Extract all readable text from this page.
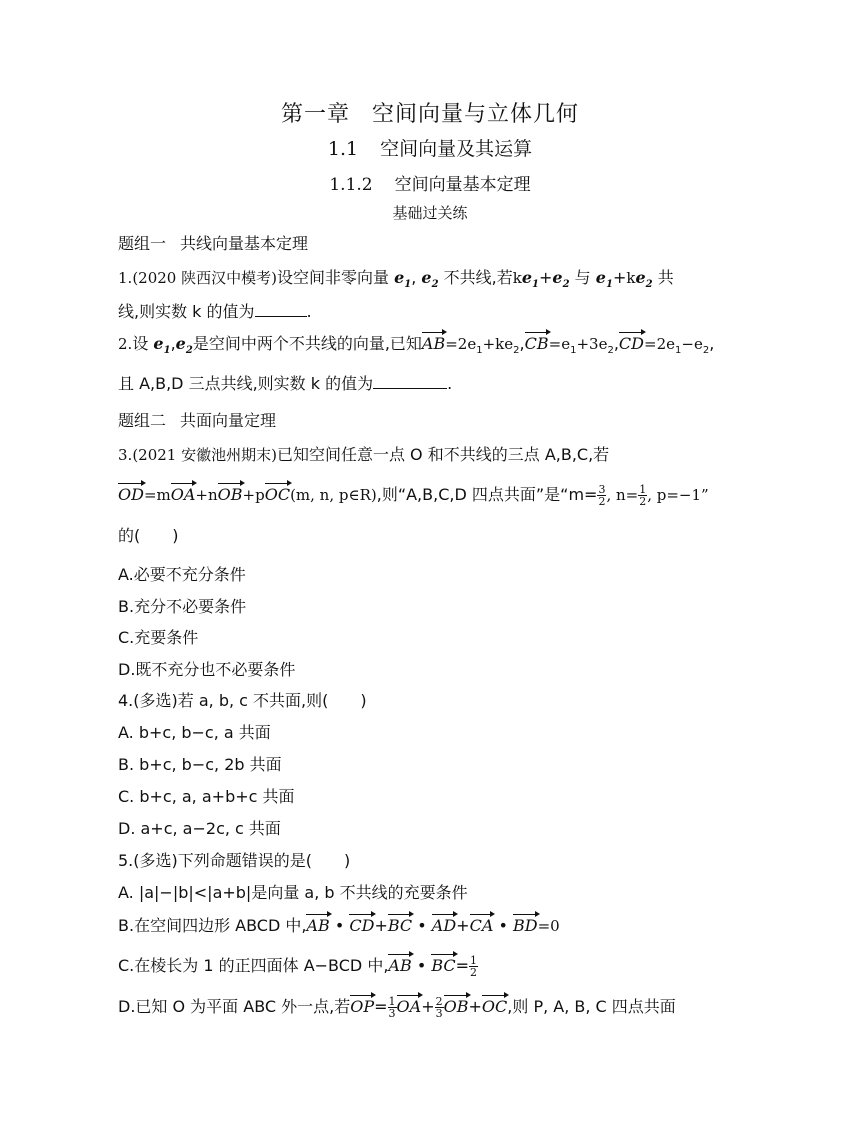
第一章 空间向量与立体几何
1.1 空间向量及其运算
1.1.2 空间向量基本定理
基础过关练
题组一 共线向量基本定理
1.(2020 陕西汉中模考)设空间非零向量 $e_1$, $e_2$ 不共线,若$ke_1+e_2$ 与 $e_1+ke_2$ 共
线,则实数 k 的值为	.
2.设 $e_1,e_2$是空间中两个不共线的向量,已知$AB=2e_1+ke_2,CB=e_1+3e_2,CD=2e_1-e_2$,
且 A,B,D 三点共线,则实数 k 的值为	.
题组二 共面向量定理
3.(2021 安徽池州期末)已知空间任意一点 O 和不共线的三点 A,B,C,若
OD=mOA+nOB+pOC(m, n, p∈R),则“A,B,C,D 四点共面”是“$m= \frac{3}{2}$ , $n= \frac{1}{2}$ , p=−1”
的(　　)
A.必要不充分条件
B.充分不必要条件
C.充要条件
D.既不充分也不必要条件
4.(多选)若 a, b, c 不共面,则(　　)
A. b+c, b−c, a 共面
B. b+c, b−c, 2b 共面
C. b+c, a, a+b+c 共面
D. a+c, a−2c, c 共面
5.(多选)下列命题错误的是(　　)
A. |a|−|b|<|a+b|是向量 a, b 不共线的充要条件
B.在空间四边形 ABCD 中,AB • CD+BC • AD+CA • BD=0
C.在棱长为 1 的正四面体 A−BCD 中,AB • $BC= \frac{1}{2}$
D.已知 O 为平面 ABC 外一点,若$OP= \frac{1}{3} OA+ \frac{2}{3} OB+OC$,则 P, A, B, C 四点共面
